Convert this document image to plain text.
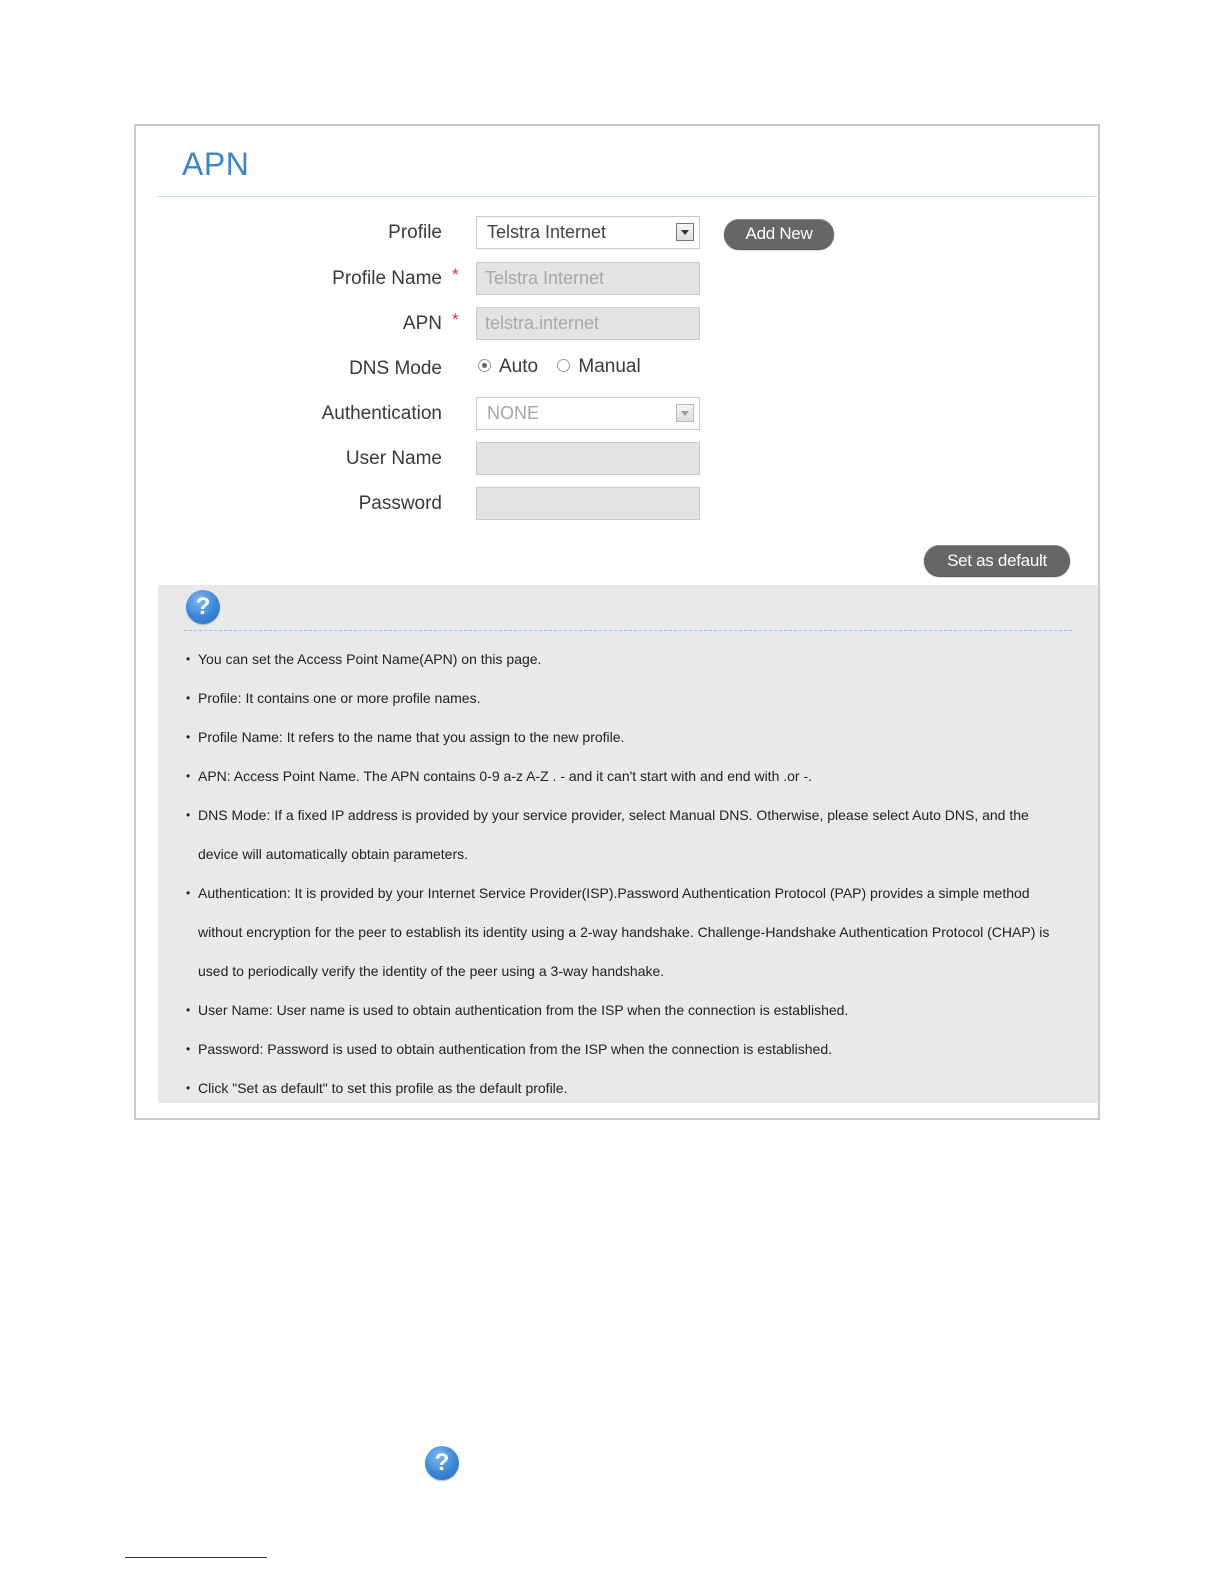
APN
Profile	Telstra Internet	Add New
Profile Name *	Telstra Internet
APN *	telstra.internet
DNS Mode	Auto Manual
Authentication	NONE
User Name
Password
Set as default
?
• You can set the Access Point Name(APN) on this page.
• Profile: It contains one or more profile names.
• Profile Name: It refers to the name that you assign to the new profile.
• APN: Access Point Name. The APN contains 0-9 a-z A-Z . - and it can't start with and end with .or -.
• DNS Mode: If a fixed IP address is provided by your service provider, select Manual DNS. Otherwise, please select Auto DNS, and the device will automatically obtain parameters.
• Authentication: It is provided by your Internet Service Provider(ISP).Password Authentication Protocol (PAP) provides a simple method without encryption for the peer to establish its identity using a 2-way handshake. Challenge-Handshake Authentication Protocol (CHAP) is used to periodically verify the identity of the peer using a 3-way handshake.
• User Name: User name is used to obtain authentication from the ISP when the connection is established.
• Password: Password is used to obtain authentication from the ISP when the connection is established.
• Click "Set as default" to set this profile as the default profile.
?
